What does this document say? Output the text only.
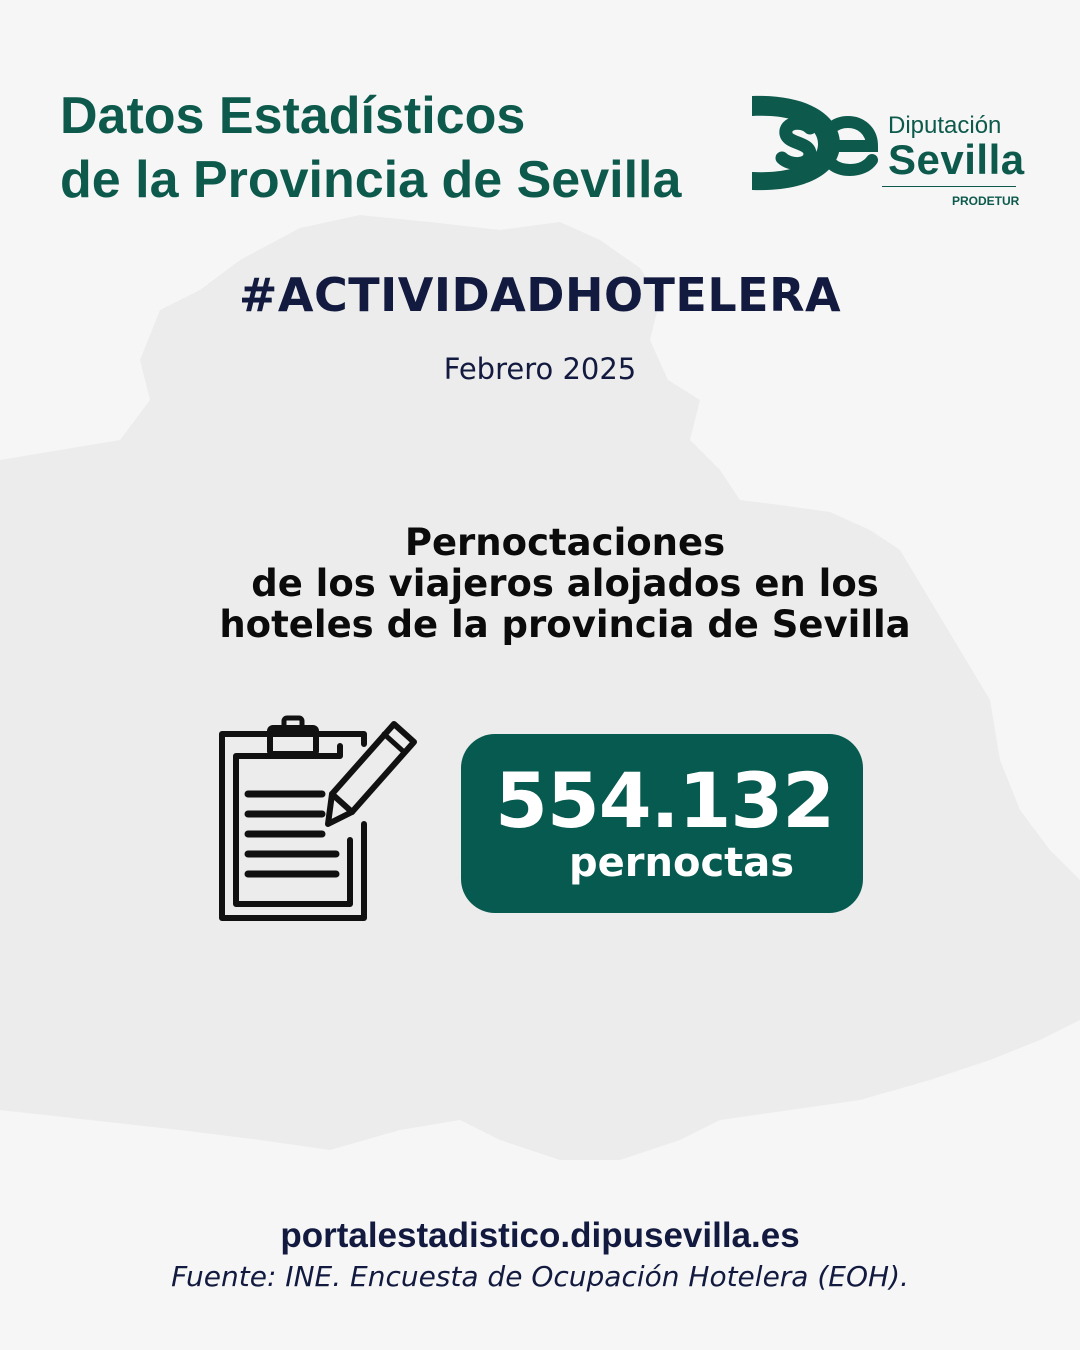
Datos Estadísticos
de la Provincia de Sevilla
Diputación
Sevilla
PRODETUR
#ACTIVIDADHOTELERA
Febrero 2025
Pernoctaciones
de los viajeros alojados en los
hoteles de la provincia de Sevilla
554.132
pernoctas
portalestadistico.dipusevilla.es
Fuente: INE. Encuesta de Ocupación Hotelera (EOH).
